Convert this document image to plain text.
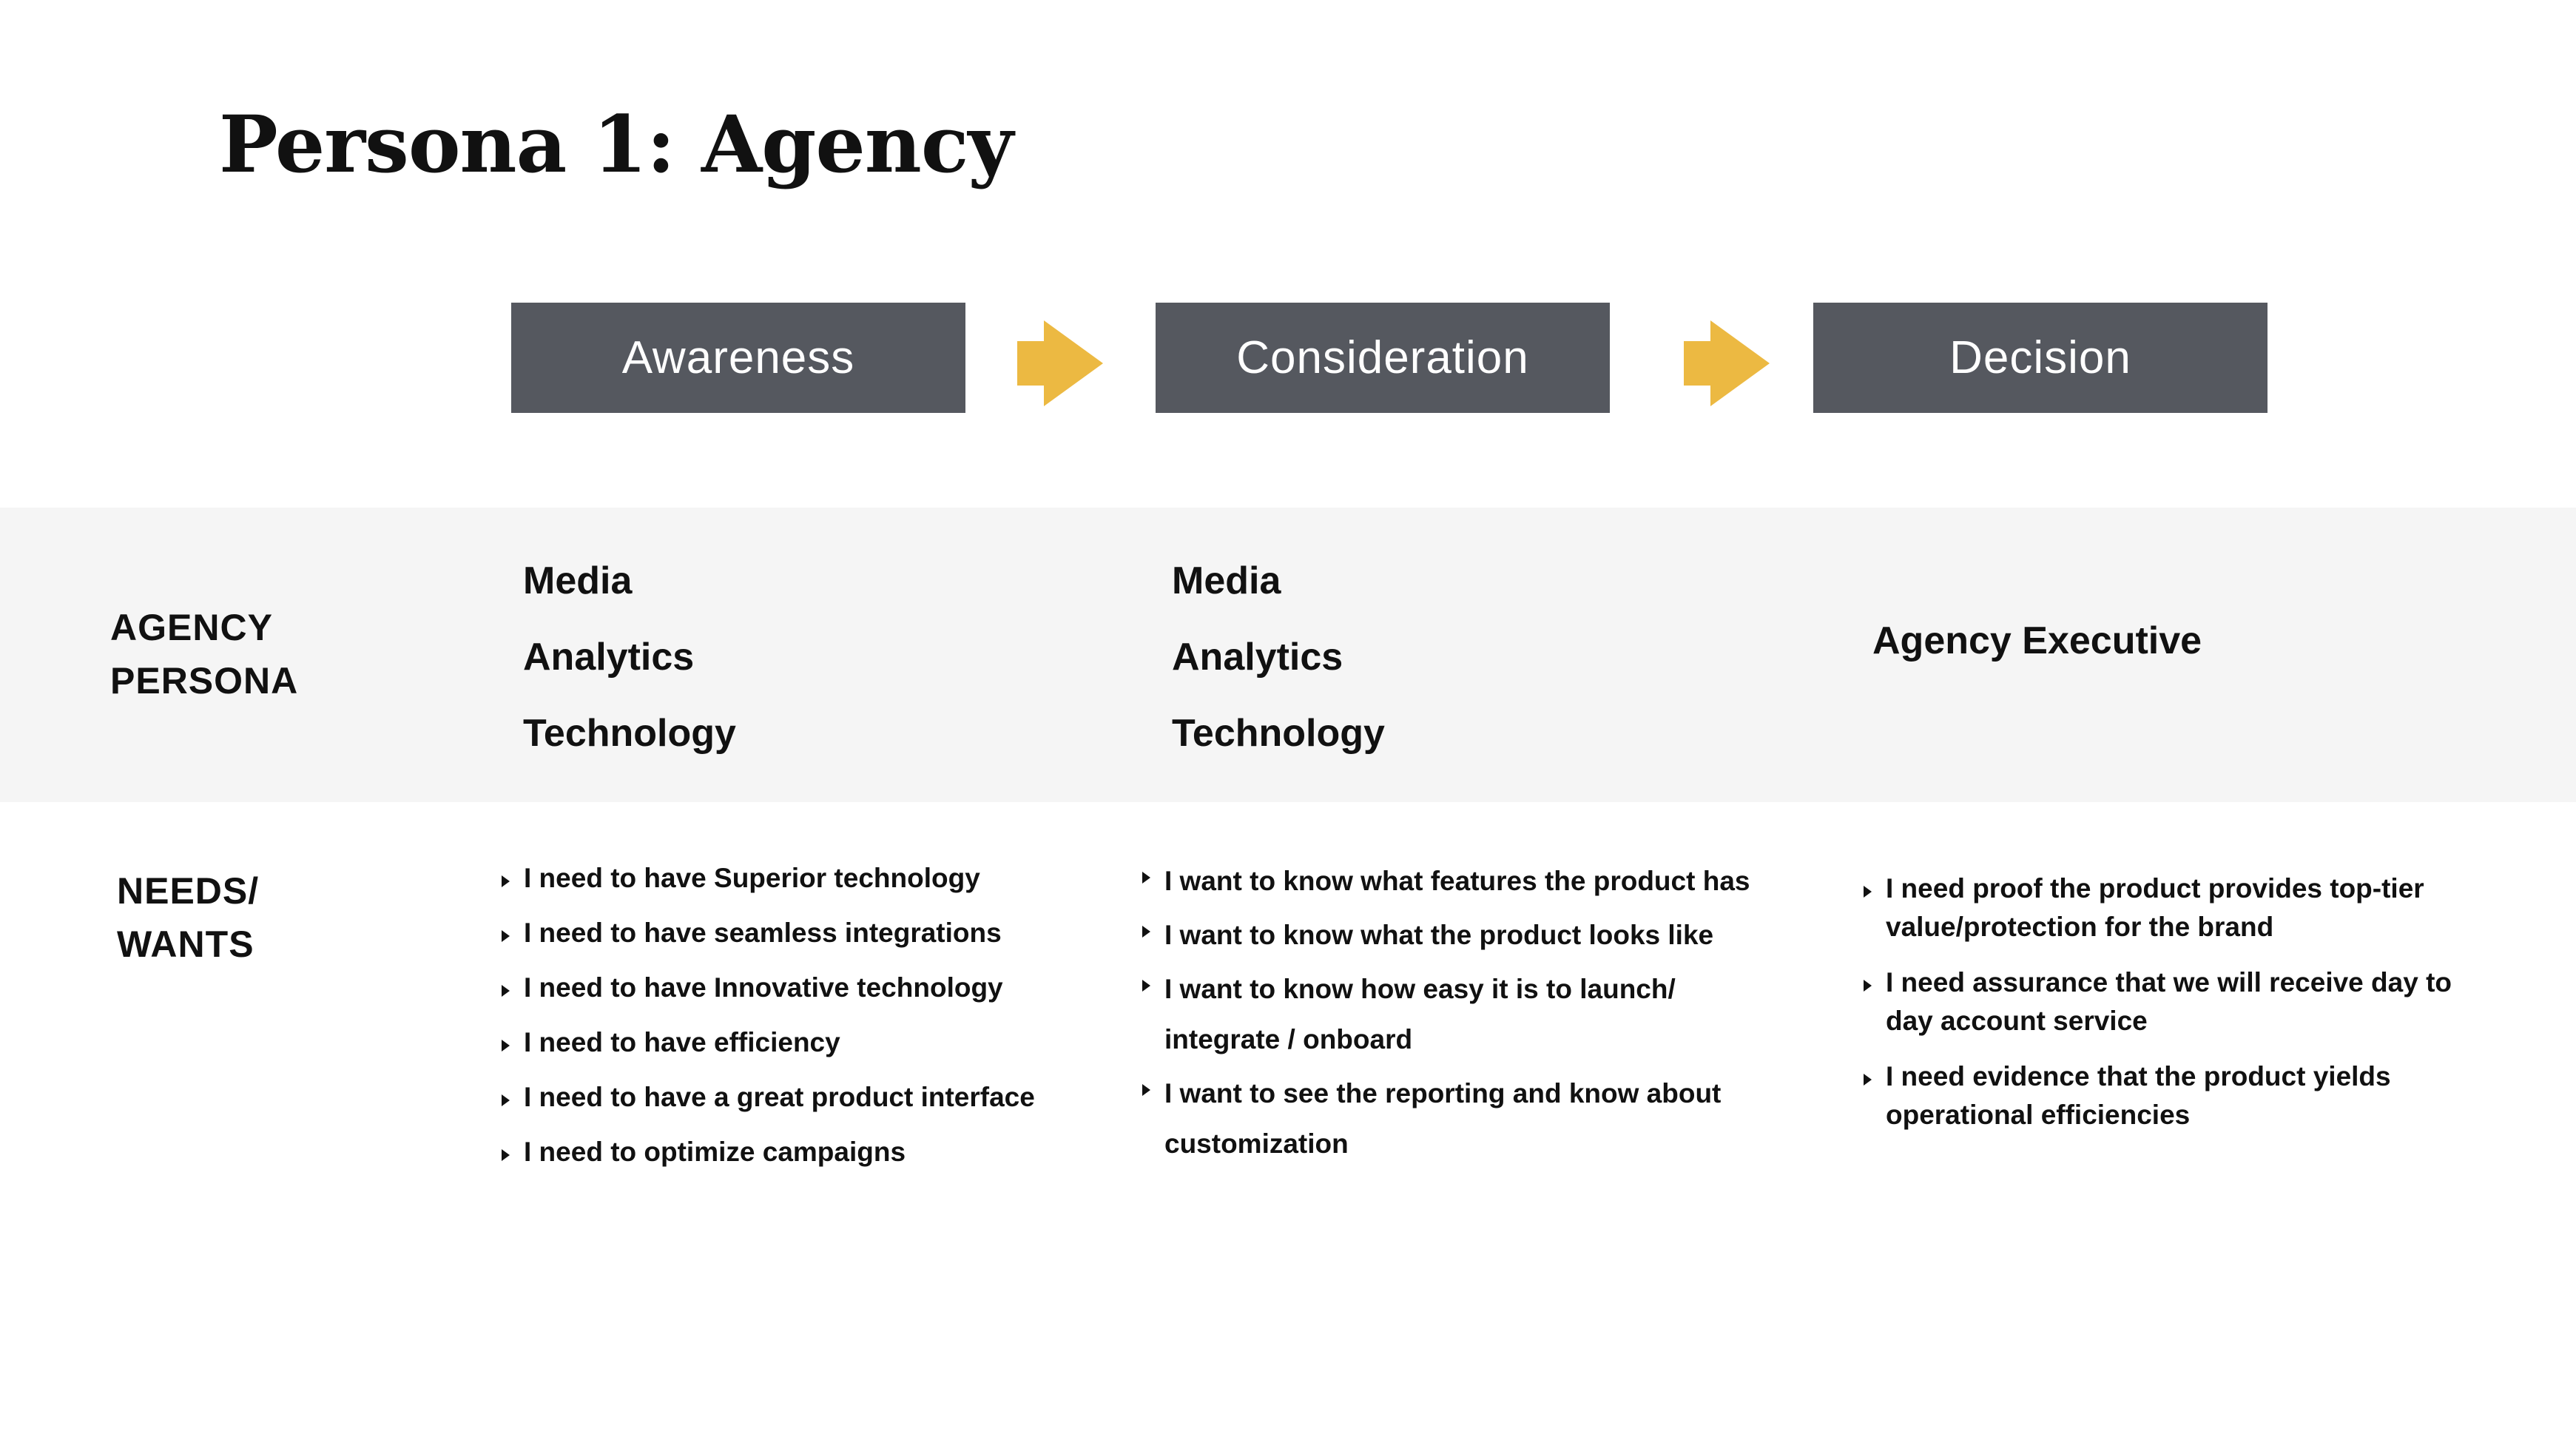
Persona 1: Agency
Awareness	Consideration	Decision
AGENCY
PERSONA
Media
Analytics
Technology
Media
Analytics
Technology
Agency Executive
NEEDS/
WANTS
I need to have Superior technology
I need to have seamless integrations
I need to have Innovative technology
I need to have efficiency
I need to have a great product interface
I need to optimize campaigns
I want to know what features the product has
I want to know what the product looks like
I want to know how easy it is to launch/
integrate / onboard
I want to see the reporting and know about
customization
I need proof the product provides top-tier value/protection for the brand
I need assurance that we will receive day to day account service
I need evidence that the product yields operational efficiencies
